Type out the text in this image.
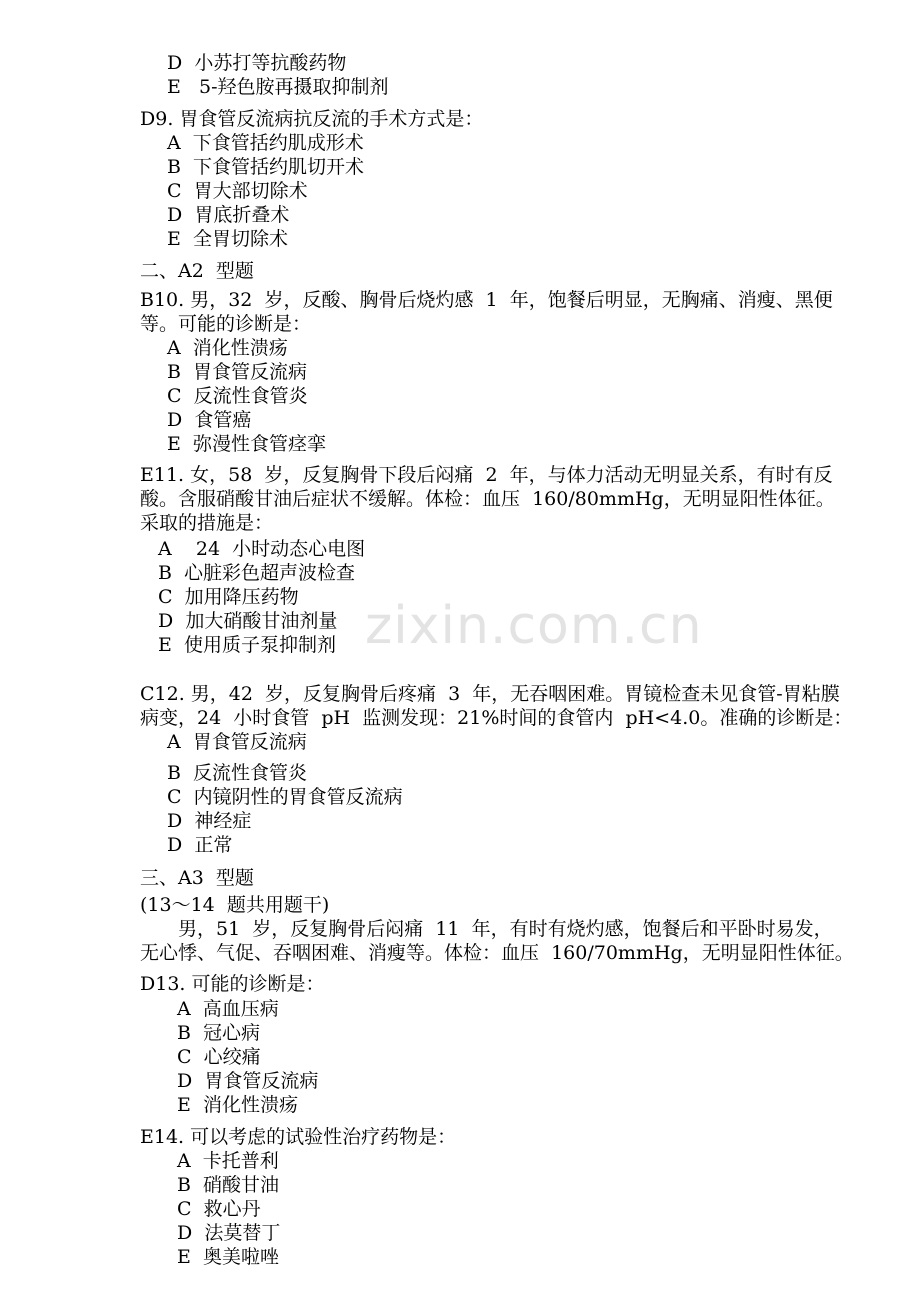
zixin.com.cn
D  小苏打等抗酸药物
E   5-羟色胺再摄取抑制剂
D9. 胃食管反流病抗反流的手术方式是：
A  下食管括约肌成形术
B  下食管括约肌切开术
C  胃大部切除术
D  胃底折叠术
E  全胃切除术
二、A2  型题
B10. 男，32  岁，反酸、胸骨后烧灼感  1  年，饱餐后明显，无胸痛、消瘦、黑便
等。可能的诊断是：
A  消化性溃疡
B  胃食管反流病
C  反流性食管炎
D  食管癌
E  弥漫性食管痉挛
E11. 女，58  岁，反复胸骨下段后闷痛  2  年，与体力活动无明显关系，有时有反
酸。含服硝酸甘油后症状不缓解。体检：血压  160/80mmHg，无明显阳性体征。
采取的措施是：
A    24  小时动态心电图
B  心脏彩色超声波检查
C  加用降压药物
D  加大硝酸甘油剂量
E  使用质子泵抑制剂
C12. 男，42  岁，反复胸骨后疼痛  3  年，无吞咽困难。胃镜检查未见食管-胃粘膜
病变，24  小时食管  pH  监测发现：21%时间的食管内  pH<4.0。准确的诊断是：
A  胃食管反流病
B  反流性食管炎
C  内镜阴性的胃食管反流病
D  神经症
D  正常
三、A3  型题
(13～14  题共用题干)
男，51  岁，反复胸骨后闷痛  11  年，有时有烧灼感，饱餐后和平卧时易发，
无心悸、气促、吞咽困难、消瘦等。体检：血压  160/70mmHg，无明显阳性体征。
D13. 可能的诊断是：
A  高血压病
B  冠心病
C  心绞痛
D  胃食管反流病
E  消化性溃疡
E14. 可以考虑的试验性治疗药物是：
A  卡托普利
B  硝酸甘油
C  救心丹
D  法莫替丁
E  奥美啦唑
